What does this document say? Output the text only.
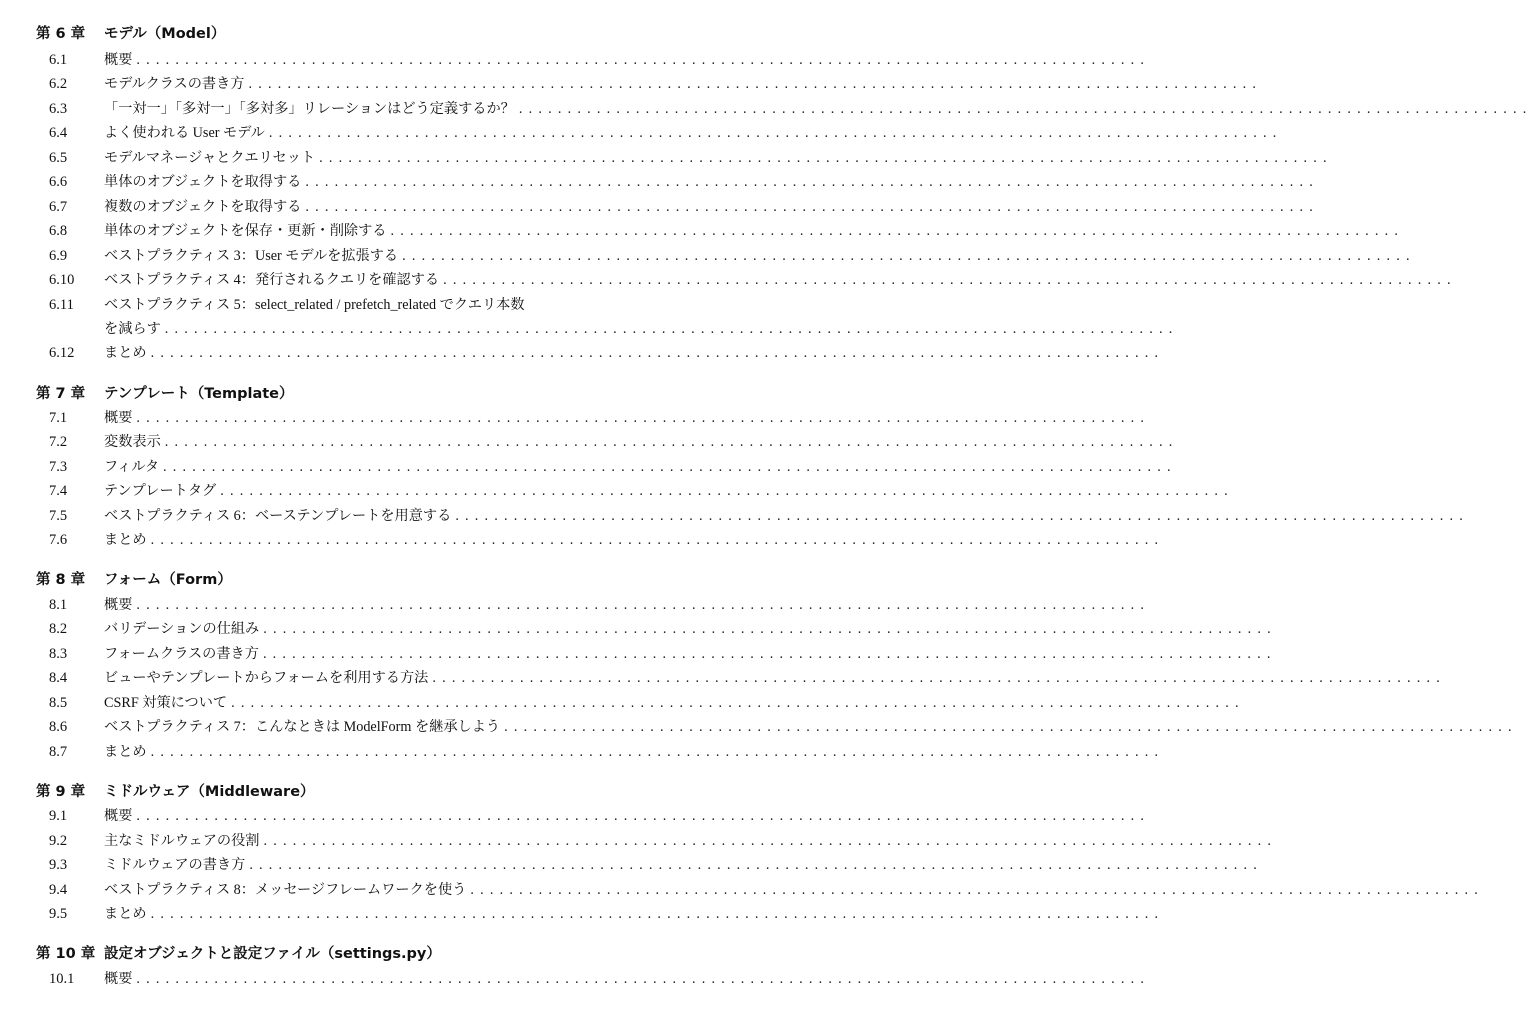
第 6 章 モデル（Model）
6.1	概要 ........................................................................................................
6.2	モデルクラスの書き方 ........................................................................................................
6.3	「一対一」「多対一」「多対多」リレーションはどう定義するか？ ........................................................................................................
6.4	よく使われる User モデル ........................................................................................................
6.5	モデルマネージャとクエリセット ........................................................................................................
6.6	単体のオブジェクトを取得する ........................................................................................................
6.7	複数のオブジェクトを取得する ........................................................................................................
6.8	単体のオブジェクトを保存・更新・削除する ........................................................................................................
6.9	ベストプラクティス 3：User モデルを拡張する ........................................................................................................
6.10 ベストプラクティス 4：発行されるクエリを確認する ........................................................................................................
6.11 ベストプラクティス 5：select_related / prefetch_related でクエリ本数
を減らす ........................................................................................................
6.12 まとめ ........................................................................................................
第 7 章 テンプレート（Template）
7.1	概要 ........................................................................................................
7.2	変数表示 ........................................................................................................
7.3	フィルタ ........................................................................................................
7.4	テンプレートタグ ........................................................................................................
7.5	ベストプラクティス 6：ベーステンプレートを用意する ........................................................................................................
7.6	まとめ ........................................................................................................
第 8 章 フォーム（Form）
8.1	概要 ........................................................................................................
8.2	バリデーションの仕組み ........................................................................................................
8.3	フォームクラスの書き方 ........................................................................................................
8.4	ビューやテンプレートからフォームを利用する方法 ........................................................................................................
8.5	CSRF 対策について ........................................................................................................
8.6	ベストプラクティス 7：こんなときは ModelForm を継承しよう ........................................................................................................
8.7	まとめ ........................................................................................................
第 9 章 ミドルウェア（Middleware）
9.1	概要 ........................................................................................................
9.2	主なミドルウェアの役割 ........................................................................................................
9.3	ミドルウェアの書き方 ........................................................................................................
9.4	ベストプラクティス 8：メッセージフレームワークを使う ........................................................................................................
9.5	まとめ ........................................................................................................
第 10 章 設定オブジェクトと設定ファイル（settings.py）
10.1 概要 ........................................................................................................
